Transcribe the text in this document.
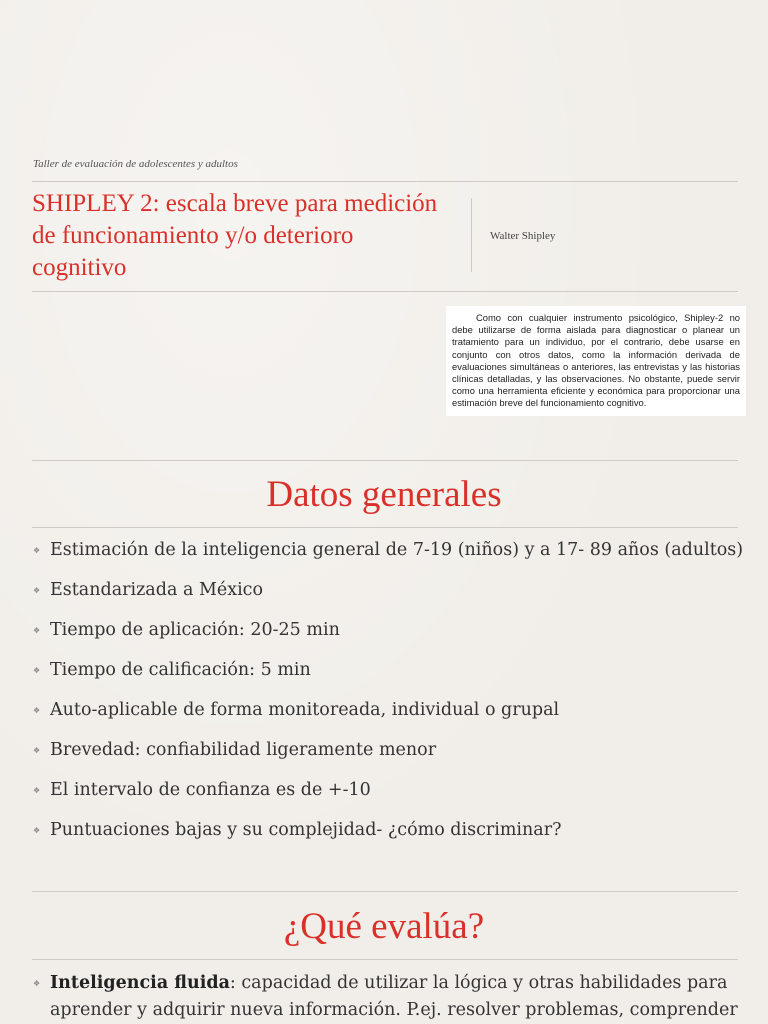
Taller de evaluación de adolescentes y adultos
SHIPLEY 2: escala breve para medición de funcionamiento y/o deterioro cognitivo
Walter Shipley

Como con cualquier instrumento psicológico, Shipley-2 no debe utilizarse de forma aislada para diagnosticar o planear un tratamiento para un individuo, por el contrario, debe usarse en conjunto con otros datos, como la información derivada de evaluaciones simultáneas o anteriores, las entrevistas y las historias clínicas detalladas, y las observaciones. No obstante, puede servir como una herramienta eficiente y económica para proporcionar una estimación breve del funcionamiento cognitivo.

Datos generales
❖ Estimación de la inteligencia general de 7-19 (niños) y a 17- 89 años (adultos)
❖ Estandarizada a México
❖ Tiempo de aplicación: 20-25 min
❖ Tiempo de calificación: 5 min
❖ Auto-aplicable de forma monitoreada, individual o grupal
❖ Brevedad: confiabilidad ligeramente menor
❖ El intervalo de confianza es de +-10
❖ Puntuaciones bajas y su complejidad- ¿cómo discriminar?
¿Qué evalúa?
❖ Inteligencia fluida: capacidad de utilizar la lógica y otras habilidades para aprender y adquirir nueva información. P.ej. resolver problemas, comprender
